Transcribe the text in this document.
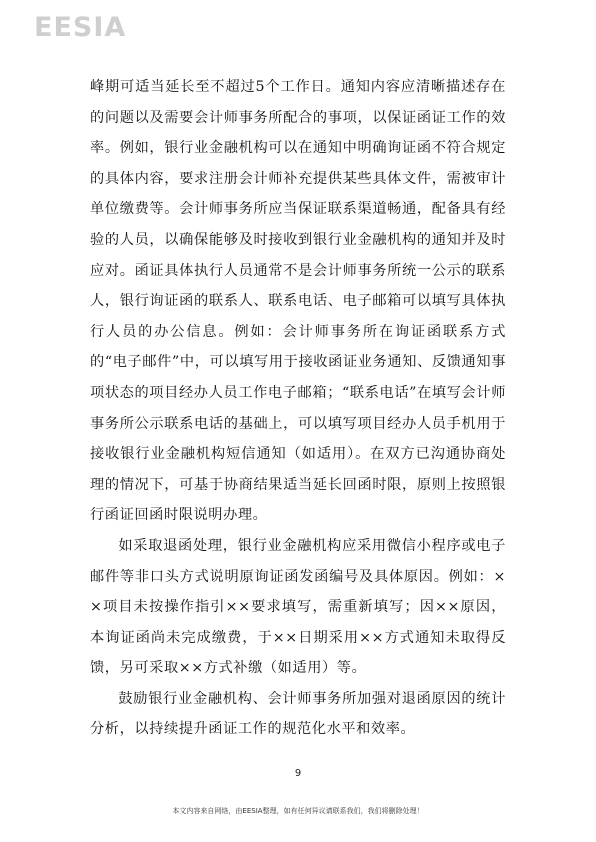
EESIA

峰期可适当延长至不超过5个工作日。通知内容应清晰描述存在的问题以及需要会计师事务所配合的事项，以保证函证工作的效率。例如，银行业金融机构可以在通知中明确询证函不符合规定的具体内容，要求注册会计师补充提供某些具体文件，需被审计单位缴费等。会计师事务所应当保证联系渠道畅通，配备具有经验的人员，以确保能够及时接收到银行业金融机构的通知并及时应对。函证具体执行人员通常不是会计师事务所统一公示的联系人，银行询证函的联系人、联系电话、电子邮箱可以填写具体执行人员的办公信息。例如：会计师事务所在询证函联系方式的“电子邮件”中，可以填写用于接收函证业务通知、反馈通知事项状态的项目经办人员工作电子邮箱；“联系电话”在填写会计师事务所公示联系电话的基础上，可以填写项目经办人员手机用于接收银行业金融机构短信通知（如适用）。在双方已沟通协商处理的情况下，可基于协商结果适当延长回函时限，原则上按照银行函证回函时限说明办理。

如采取退函处理，银行业金融机构应采用微信小程序或电子邮件等非口头方式说明原询证函发函编号及具体原因。例如：××项目未按操作指引××要求填写，需重新填写；因××原因，本询证函尚未完成缴费，于××日期采用××方式通知未取得反馈，另可采取××方式补缴（如适用）等。

鼓励银行业金融机构、会计师事务所加强对退函原因的统计分析，以持续提升函证工作的规范化水平和效率。

9
本文内容来自网络，由EESIA整理，如有任何异议请联系我们，我们将删除处理！
